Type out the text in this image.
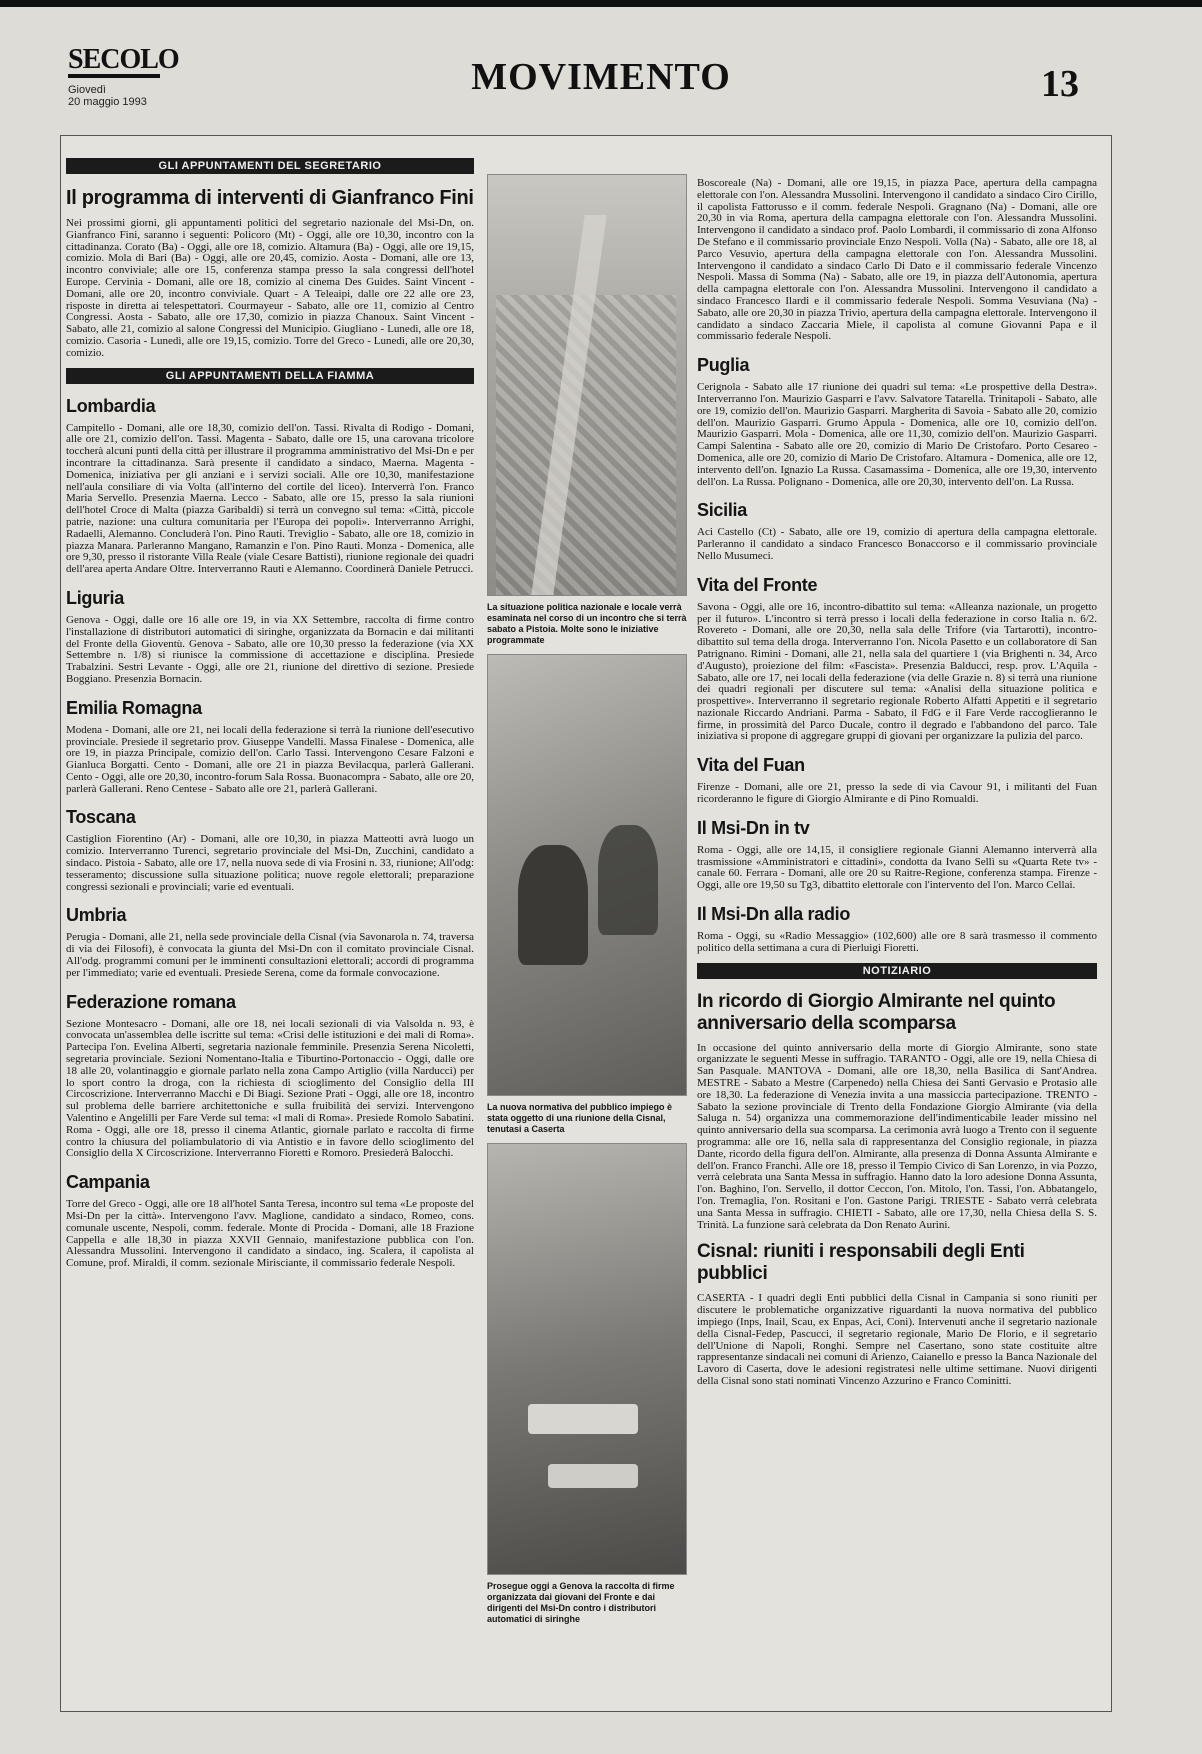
SECOLO
Giovedì
20 maggio 1993
MOVIMENTO	13
GLI APPUNTAMENTI DEL SEGRETARIO
Il programma di interventi di Gianfranco Fini

Nei prossimi giorni, gli appuntamenti politici del segretario nazionale del Msi-Dn, on. Gianfranco Fini, saranno i seguenti: Policoro (Mt) - Oggi, alle ore 10,30, incontro con la cittadinanza. Corato (Ba) - Oggi, alle ore 18, comizio. Altamura (Ba) - Oggi, alle ore 19,15, comizio. Mola di Bari (Ba) - Oggi, alle ore 20,45, comizio. Aosta - Domani, alle ore 13, incontro conviviale; alle ore 15, conferenza stampa presso la sala congressi dell'hotel Europe. Cervinia - Domani, alle ore 18, comizio al cinema Des Guides. Saint Vincent - Domani, alle ore 20, incontro conviviale. Quart - A Teleaipi, dalle ore 22 alle ore 23, risposte in diretta ai telespettatori. Courmayeur - Sabato, alle ore 11, comizio al Centro Congressi. Aosta - Sabato, alle ore 17,30, comizio in piazza Chanoux. Saint Vincent - Sabato, alle 21, comizio al salone Congressi del Municipio. Giugliano - Lunedì, alle ore 18, comizio. Casoria - Lunedì, alle ore 19,15, comizio. Torre del Greco - Lunedì, alle ore 20,30, comizio.

GLI APPUNTAMENTI DELLA FIAMMA
Lombardia

Campitello - Domani, alle ore 18,30, comizio dell'on. Tassi. Rivalta di Rodigo - Domani, alle ore 21, comizio dell'on. Tassi. Magenta - Sabato, dalle ore 15, una carovana tricolore toccherà alcuni punti della città per illustrare il programma amministrativo del Msi-Dn e per incontrare la cittadinanza. Sarà presente il candidato a sindaco, Maerna. Magenta - Domenica, iniziativa per gli anziani e i servizi sociali. Alle ore 10,30, manifestazione nell'aula consiliare di via Volta (all'interno del cortile del liceo). Interverrà l'on. Franco Maria Servello. Presenzia Maerna. Lecco - Sabato, alle ore 15, presso la sala riunioni dell'hotel Croce di Malta (piazza Garibaldi) si terrà un convegno sul tema: «Città, piccole patrie, nazione: una cultura comunitaria per l'Europa dei popoli». Interverranno Arrighi, Radaelli, Alemanno. Concluderà l'on. Pino Rauti. Treviglio - Sabato, alle ore 18, comizio in piazza Manara. Parleranno Mangano, Ramanzin e l'on. Pino Rauti. Monza - Domenica, alle ore 9,30, presso il ristorante Villa Reale (viale Cesare Battisti), riunione regionale dei quadri dell'area aperta Andare Oltre. Interverranno Rauti e Alemanno. Coordinerà Daniele Petrucci.

Liguria

Genova - Oggi, dalle ore 16 alle ore 19, in via XX Settembre, raccolta di firme contro l'installazione di distributori automatici di siringhe, organizzata da Bornacin e dai militanti del Fronte della Gioventù. Genova - Sabato, alle ore 10,30 presso la federazione (via XX Settembre n. 1/8) si riunisce la commissione di accettazione e disciplina. Presiede Trabalzini. Sestri Levante - Oggi, alle ore 21, riunione del direttivo di sezione. Presiede Boggiano. Presenzia Bornacin.

Emilia Romagna

Modena - Domani, alle ore 21, nei locali della federazione si terrà la riunione dell'esecutivo provinciale. Presiede il segretario prov. Giuseppe Vandelli. Massa Finalese - Domenica, alle ore 19, in piazza Principale, comizio dell'on. Carlo Tassi. Intervengono Cesare Falzoni e Gianluca Borgatti. Cento - Domani, alle ore 21 in piazza Bevilacqua, parlerà Gallerani. Cento - Oggi, alle ore 20,30, incontro-forum Sala Rossa. Buonacompra - Sabato, alle ore 20, parlerà Gallerani. Reno Centese - Sabato alle ore 21, parlerà Gallerani.

Toscana

Castiglion Fiorentino (Ar) - Domani, alle ore 10,30, in piazza Matteotti avrà luogo un comizio. Interverranno Turenci, segretario provinciale del Msi-Dn, Zucchini, candidato a sindaco. Pistoia - Sabato, alle ore 17, nella nuova sede di via Frosini n. 33, riunione; All'odg: tesseramento; discussione sulla situazione politica; nuove regole elettorali; preparazione congressi sezionali e provinciali; varie ed eventuali.

Umbria

Perugia - Domani, alle 21, nella sede provinciale della Cisnal (via Savonarola n. 74, traversa di via dei Filosofi), è convocata la giunta del Msi-Dn con il comitato provinciale Cisnal. All'odg. programmi comuni per le imminenti consultazioni elettorali; accordi di programma per l'immediato; varie ed eventuali. Presiede Serena, come da formale convocazione.

Federazione romana

Sezione Montesacro - Domani, alle ore 18, nei locali sezionali di via Valsolda n. 93, è convocata un'assemblea delle iscritte sul tema: «Crisi delle istituzioni e dei mali di Roma». Partecipa l'on. Evelina Alberti, segretaria nazionale femminile. Presenzia Serena Nicoletti, segretaria provinciale. Sezioni Nomentano-Italia e Tiburtino-Portonaccio - Oggi, dalle ore 18 alle 20, volantinaggio e giornale parlato nella zona Campo Artiglio (villa Narducci) per lo sport contro la droga, con la richiesta di scioglimento del Consiglio della III Circoscrizione. Interverranno Macchi e Di Biagi. Sezione Prati - Oggi, alle ore 18, incontro sul problema delle barriere architettoniche e sulla fruibilità dei servizi. Intervengono Valentino e Angelilli per Fare Verde sul tema: «I mali di Roma». Presiede Romolo Sabatini. Roma - Oggi, alle ore 18, presso il cinema Atlantic, giornale parlato e raccolta di firme contro la chiusura del poliambulatorio di via Antistio e in favore dello scioglimento del Consiglio della X Circoscrizione. Interverranno Fioretti e Romoro. Presiederà Balocchi.

Campania

Torre del Greco - Oggi, alle ore 18 all'hotel Santa Teresa, incontro sul tema «Le proposte del Msi-Dn per la città». Intervengono l'avv. Maglione, candidato a sindaco, Romeo, cons. comunale uscente, Nespoli, comm. federale. Monte di Procida - Domani, alle 18 Frazione Cappella e alle 18,30 in piazza XXVII Gennaio, manifestazione pubblica con l'on. Alessandra Mussolini. Intervengono il candidato a sindaco, ing. Scalera, il capolista al Comune, prof. Miraldi, il comm. sezionale Mirisciante, il commissario federale Nespoli.

La situazione politica nazionale e locale verrà esaminata nel corso di un incontro che si terrà sabato a Pistoia. Molte sono le iniziative programmate
La nuova normativa del pubblico impiego è stata oggetto di una riunione della Cisnal, tenutasi a Caserta
Prosegue oggi a Genova la raccolta di firme organizzata dai giovani del Fronte e dai dirigenti del Msi-Dn contro i distributori automatici di siringhe

Boscoreale (Na) - Domani, alle ore 19,15, in piazza Pace, apertura della campagna elettorale con l'on. Alessandra Mussolini. Intervengono il candidato a sindaco Ciro Cirillo, il capolista Fattorusso e il comm. federale Nespoli. Gragnano (Na) - Domani, alle ore 20,30 in via Roma, apertura della campagna elettorale con l'on. Alessandra Mussolini. Intervengono il candidato a sindaco prof. Paolo Lombardi, il commissario di zona Alfonso De Stefano e il commissario provinciale Enzo Nespoli. Volla (Na) - Sabato, alle ore 18, al Parco Vesuvio, apertura della campagna elettorale con l'on. Alessandra Mussolini. Intervengono il candidato a sindaco Carlo Di Dato e il commissario federale Vincenzo Nespoli. Massa di Somma (Na) - Sabato, alle ore 19, in piazza dell'Autonomia, apertura della campagna elettorale con l'on. Alessandra Mussolini. Intervengono il candidato a sindaco Francesco Ilardi e il commissario federale Nespoli. Somma Vesuviana (Na) - Sabato, alle ore 20,30 in piazza Trivio, apertura della campagna elettorale. Intervengono il candidato a sindaco Zaccaria Miele, il capolista al comune Giovanni Papa e il commissario federale Nespoli.

Puglia

Cerignola - Sabato alle 17 riunione dei quadri sul tema: «Le prospettive della Destra». Interverranno l'on. Maurizio Gasparri e l'avv. Salvatore Tatarella. Trinitapoli - Sabato, alle ore 19, comizio dell'on. Maurizio Gasparri. Margherita di Savoia - Sabato alle 20, comizio dell'on. Maurizio Gasparri. Grumo Appula - Domenica, alle ore 10, comizio dell'on. Maurizio Gasparri. Mola - Domenica, alle ore 11,30, comizio dell'on. Maurizio Gasparri. Campi Salentina - Sabato alle ore 20, comizio di Mario De Cristofaro. Porto Cesareo - Domenica, alle ore 20, comizio di Mario De Cristofaro. Altamura - Domenica, alle ore 12, intervento dell'on. Ignazio La Russa. Casamassima - Domenica, alle ore 19,30, intervento dell'on. La Russa. Polignano - Domenica, alle ore 20,30, intervento dell'on. La Russa.

Sicilia

Aci Castello (Ct) - Sabato, alle ore 19, comizio di apertura della campagna elettorale. Parleranno il candidato a sindaco Francesco Bonaccorso e il commissario provinciale Nello Musumeci.

Vita del Fronte

Savona - Oggi, alle ore 16, incontro-dibattito sul tema: «Alleanza nazionale, un progetto per il futuro». L'incontro si terrà presso i locali della federazione in corso Italia n. 6/2. Rovereto - Domani, alle ore 20,30, nella sala delle Trifore (via Tartarotti), incontro-dibattito sul tema della droga. Interverranno l'on. Nicola Pasetto e un collaboratore di San Patrignano. Rimini - Domani, alle 21, nella sala del quartiere 1 (via Brighenti n. 34, Arco d'Augusto), proiezione del film: «Fascista». Presenzia Balducci, resp. prov. L'Aquila - Sabato, alle ore 17, nei locali della federazione (via delle Grazie n. 8) si terrà una riunione dei quadri regionali per discutere sul tema: «Analisi della situazione politica e prospettive». Interverranno il segretario regionale Roberto Alfatti Appetiti e il segretario nazionale Riccardo Andriani. Parma - Sabato, il FdG e il Fare Verde raccoglieranno le firme, in prossimità del Parco Ducale, contro il degrado e l'abbandono del parco. Tale iniziativa si propone di aggregare gruppi di giovani per organizzare la pulizia del parco.

Vita del Fuan

Firenze - Domani, alle ore 21, presso la sede di via Cavour 91, i militanti del Fuan ricorderanno le figure di Giorgio Almirante e di Pino Romualdi.

Il Msi-Dn in tv

Roma - Oggi, alle ore 14,15, il consigliere regionale Gianni Alemanno interverrà alla trasmissione «Amministratori e cittadini», condotta da Ivano Sellì su «Quarta Rete tv» - canale 60. Ferrara - Domani, alle ore 20 su Raitre-Regione, conferenza stampa. Firenze - Oggi, alle ore 19,50 su Tg3, dibattito elettorale con l'intervento del l'on. Marco Cellai.

Il Msi-Dn alla radio

Roma - Oggi, su «Radio Messaggio» (102,600) alle ore 8 sarà trasmesso il commento politico della settimana a cura di Pierluigi Fioretti.

NOTIZIARIO
In ricordo di Giorgio Almirante nel quinto anniversario della scomparsa

In occasione del quinto anniversario della morte di Giorgio Almirante, sono state organizzate le seguenti Messe in suffragio. TARANTO - Oggi, alle ore 19, nella Chiesa di San Pasquale. MANTOVA - Domani, alle ore 18,30, nella Basilica di Sant'Andrea. MESTRE - Sabato a Mestre (Carpenedo) nella Chiesa dei Santi Gervasio e Protasio alle ore 18,30. La federazione di Venezia invita a una massiccia partecipazione. TRENTO - Sabato la sezione provinciale di Trento della Fondazione Giorgio Almirante (via della Saluga n. 54) organizza una commemorazione dell'indimenticabile leader missino nel quinto anniversario della sua scomparsa. La cerimonia avrà luogo a Trento con il seguente programma: alle ore 16, nella sala di rappresentanza del Consiglio regionale, in piazza Dante, ricordo della figura dell'on. Almirante, alla presenza di Donna Assunta Almirante e dell'on. Franco Franchi. Alle ore 18, presso il Tempio Civico di San Lorenzo, in via Pozzo, verrà celebrata una Santa Messa in suffragio. Hanno dato la loro adesione Donna Assunta, l'on. Baghino, l'on. Servello, il dottor Ceccon, l'on. Mitolo, l'on. Tassi, l'on. Abbatangelo, l'on. Tremaglia, l'on. Rositani e l'on. Gastone Parigi. TRIESTE - Sabato verrà celebrata una Santa Messa in suffragio. CHIETI - Sabato, alle ore 17,30, nella Chiesa della S. S. Trinità. La funzione sarà celebrata da Don Renato Aurini.

Cisnal: riuniti i responsabili degli Enti pubblici

CASERTA - I quadri degli Enti pubblici della Cisnal in Campania si sono riuniti per discutere le problematiche organizzative riguardanti la nuova normativa del pubblico impiego (Inps, Inail, Scau, ex Enpas, Aci, Coni). Intervenuti anche il segretario nazionale della Cisnal-Fedep, Pascucci, il segretario regionale, Mario De Florio, e il segretario dell'Unione di Napoli, Ronghi. Sempre nel Casertano, sono state costituite altre rappresentanze sindacali nei comuni di Arienzo, Caianello e presso la Banca Nazionale del Lavoro di Caserta, dove le adesioni registratesi nelle ultime settimane. Nuovi dirigenti della Cisnal sono stati nominati Vincenzo Azzurino e Franco Cominitti.
